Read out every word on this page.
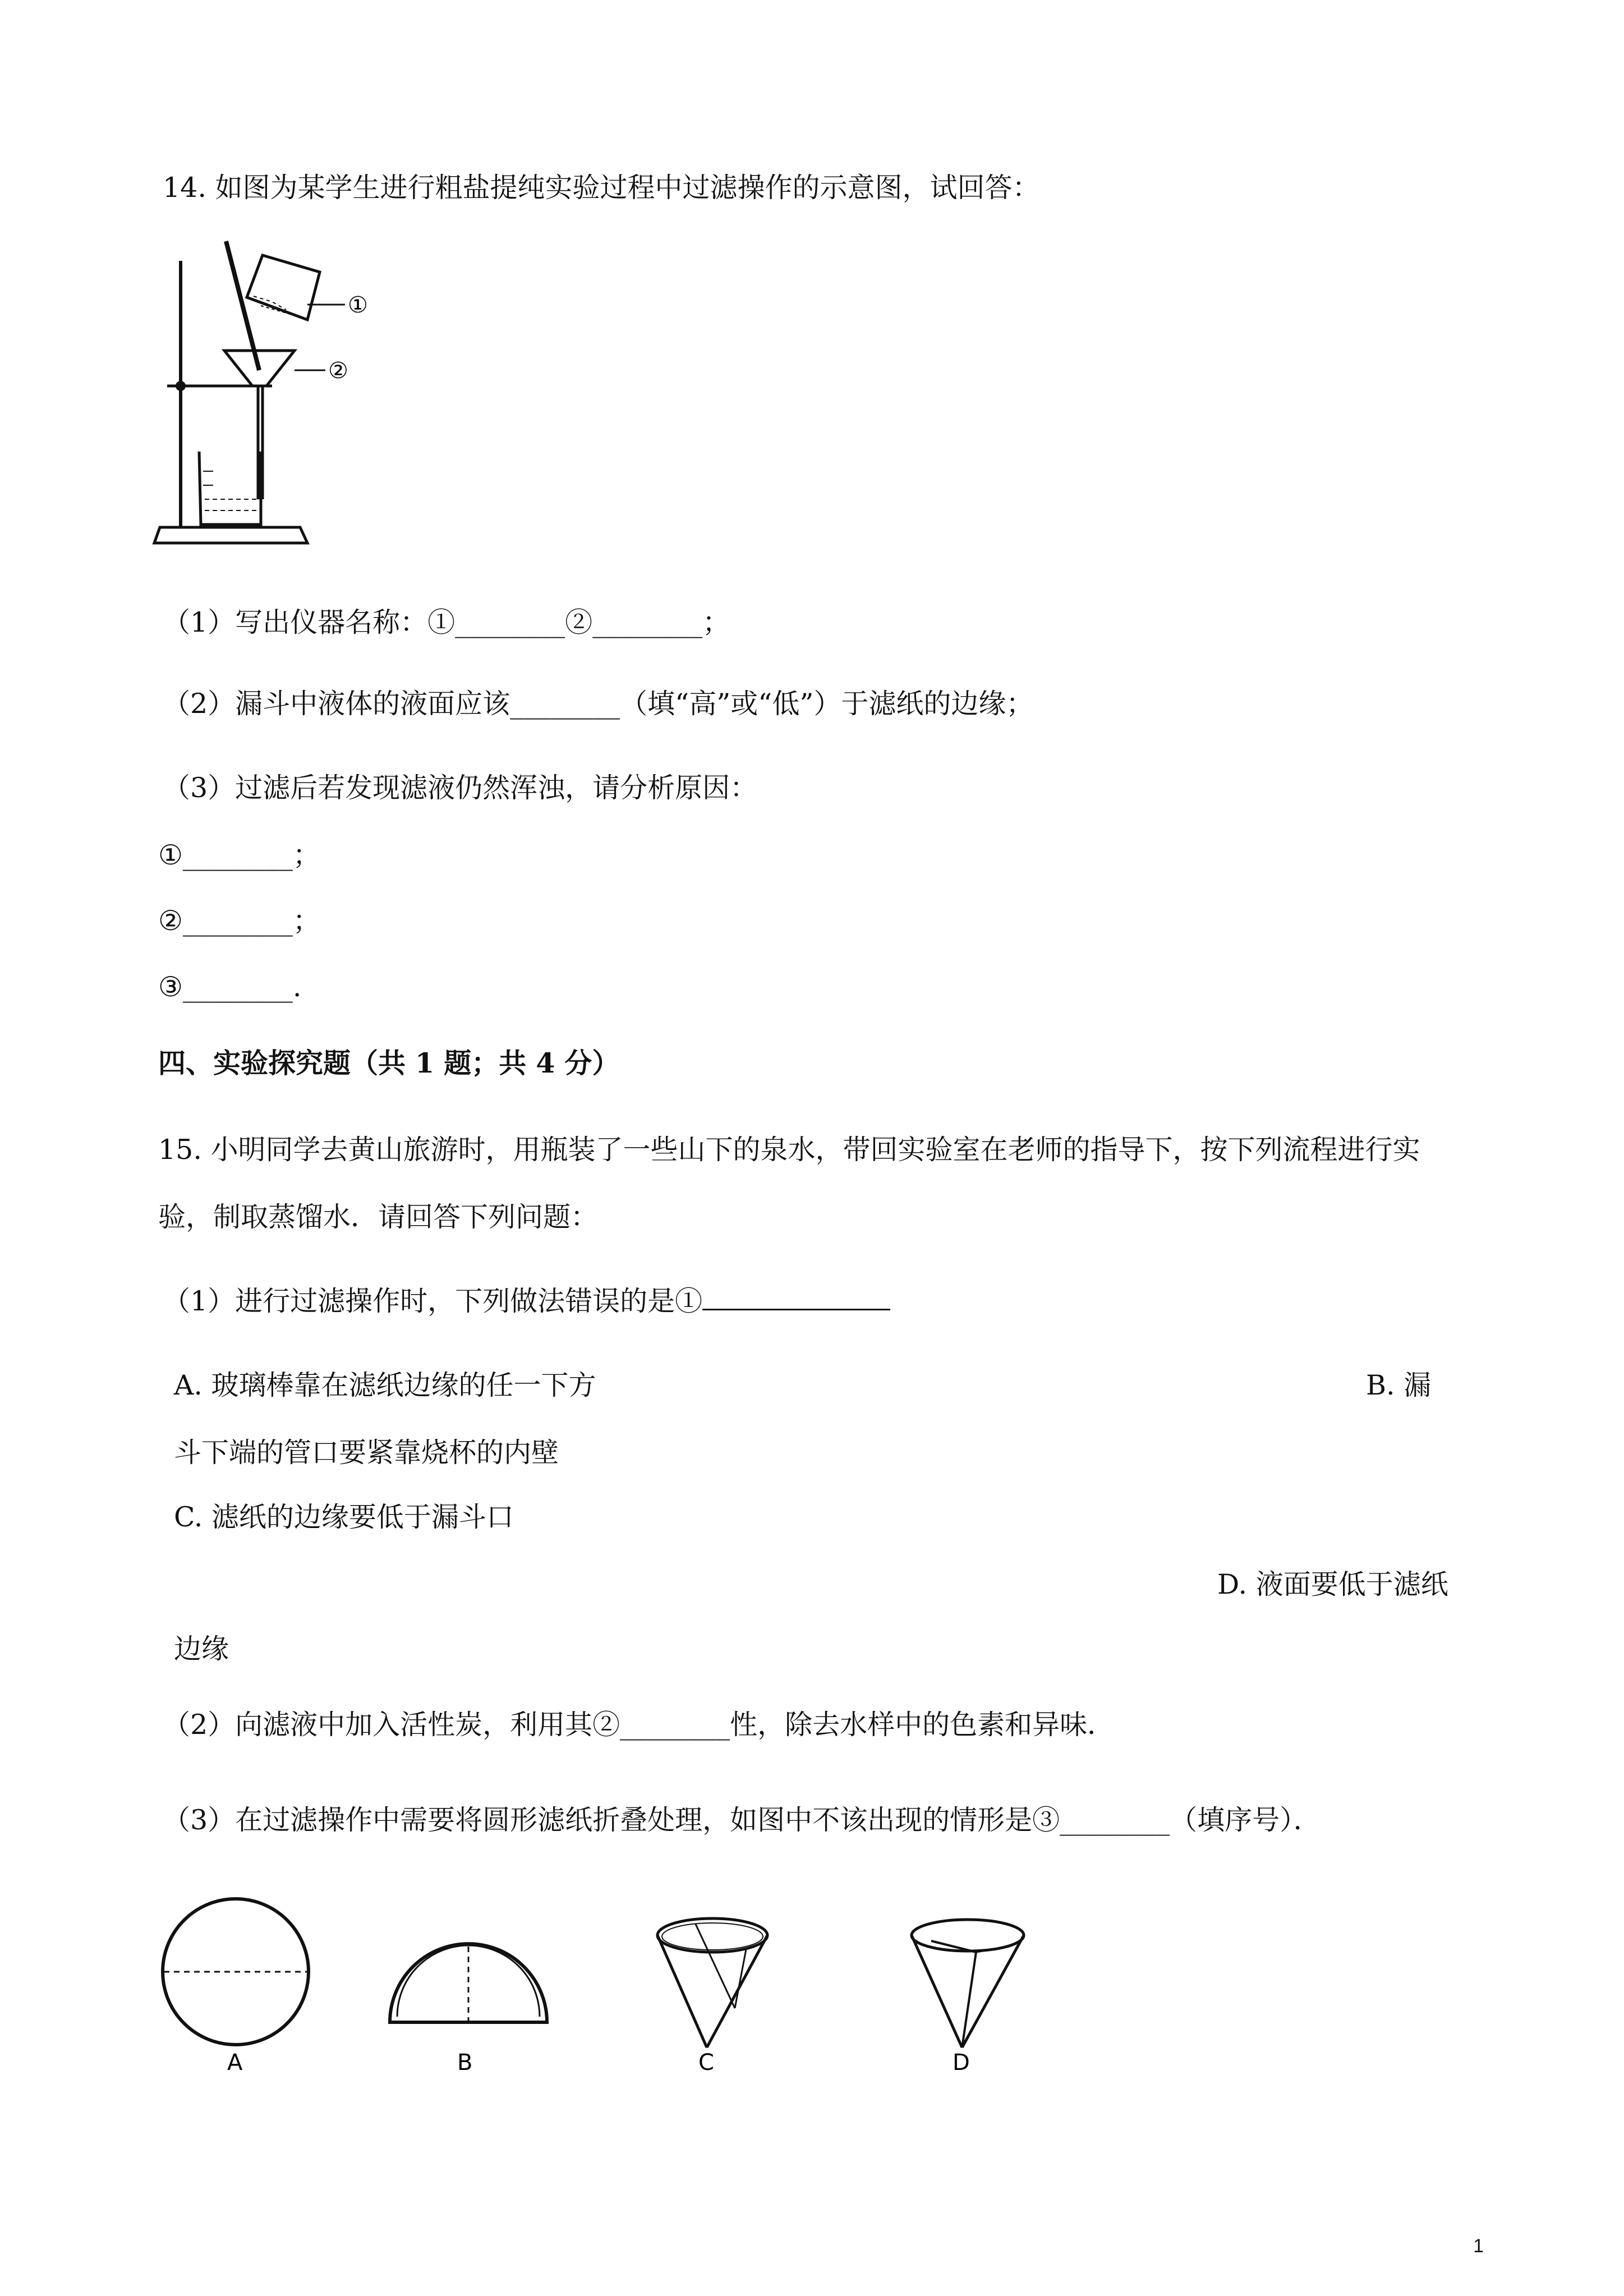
14. 如图为某学生进行粗盐提纯实验过程中过滤操作的示意图，试回答：
①
②
（1）写出仪器名称：①________②________；
（2）漏斗中液体的液面应该________（填“高”或“低”）于滤纸的边缘；
（3）过滤后若发现滤液仍然浑浊，请分析原因：
①________；
②________；
③________.
四、实验探究题（共 1 题；共 4 分）
15. 小明同学去黄山旅游时，用瓶装了一些山下的泉水，带回实验室在老师的指导下，按下列流程进行实
验，制取蒸馏水．请回答下列问题：
（1）进行过滤操作时，下列做法错误的是①
A. 玻璃棒靠在滤纸边缘的任一下方	B. 漏
斗下端的管口要紧靠烧杯的内壁
C. 滤纸的边缘要低于漏斗口
D. 液面要低于滤纸
边缘
（2）向滤液中加入活性炭，利用其②________性，除去水样中的色素和异味．
（3）在过滤操作中需要将圆形滤纸折叠处理，如图中不该出现的情形是③________（填序号）．
A	B	C	D
1
